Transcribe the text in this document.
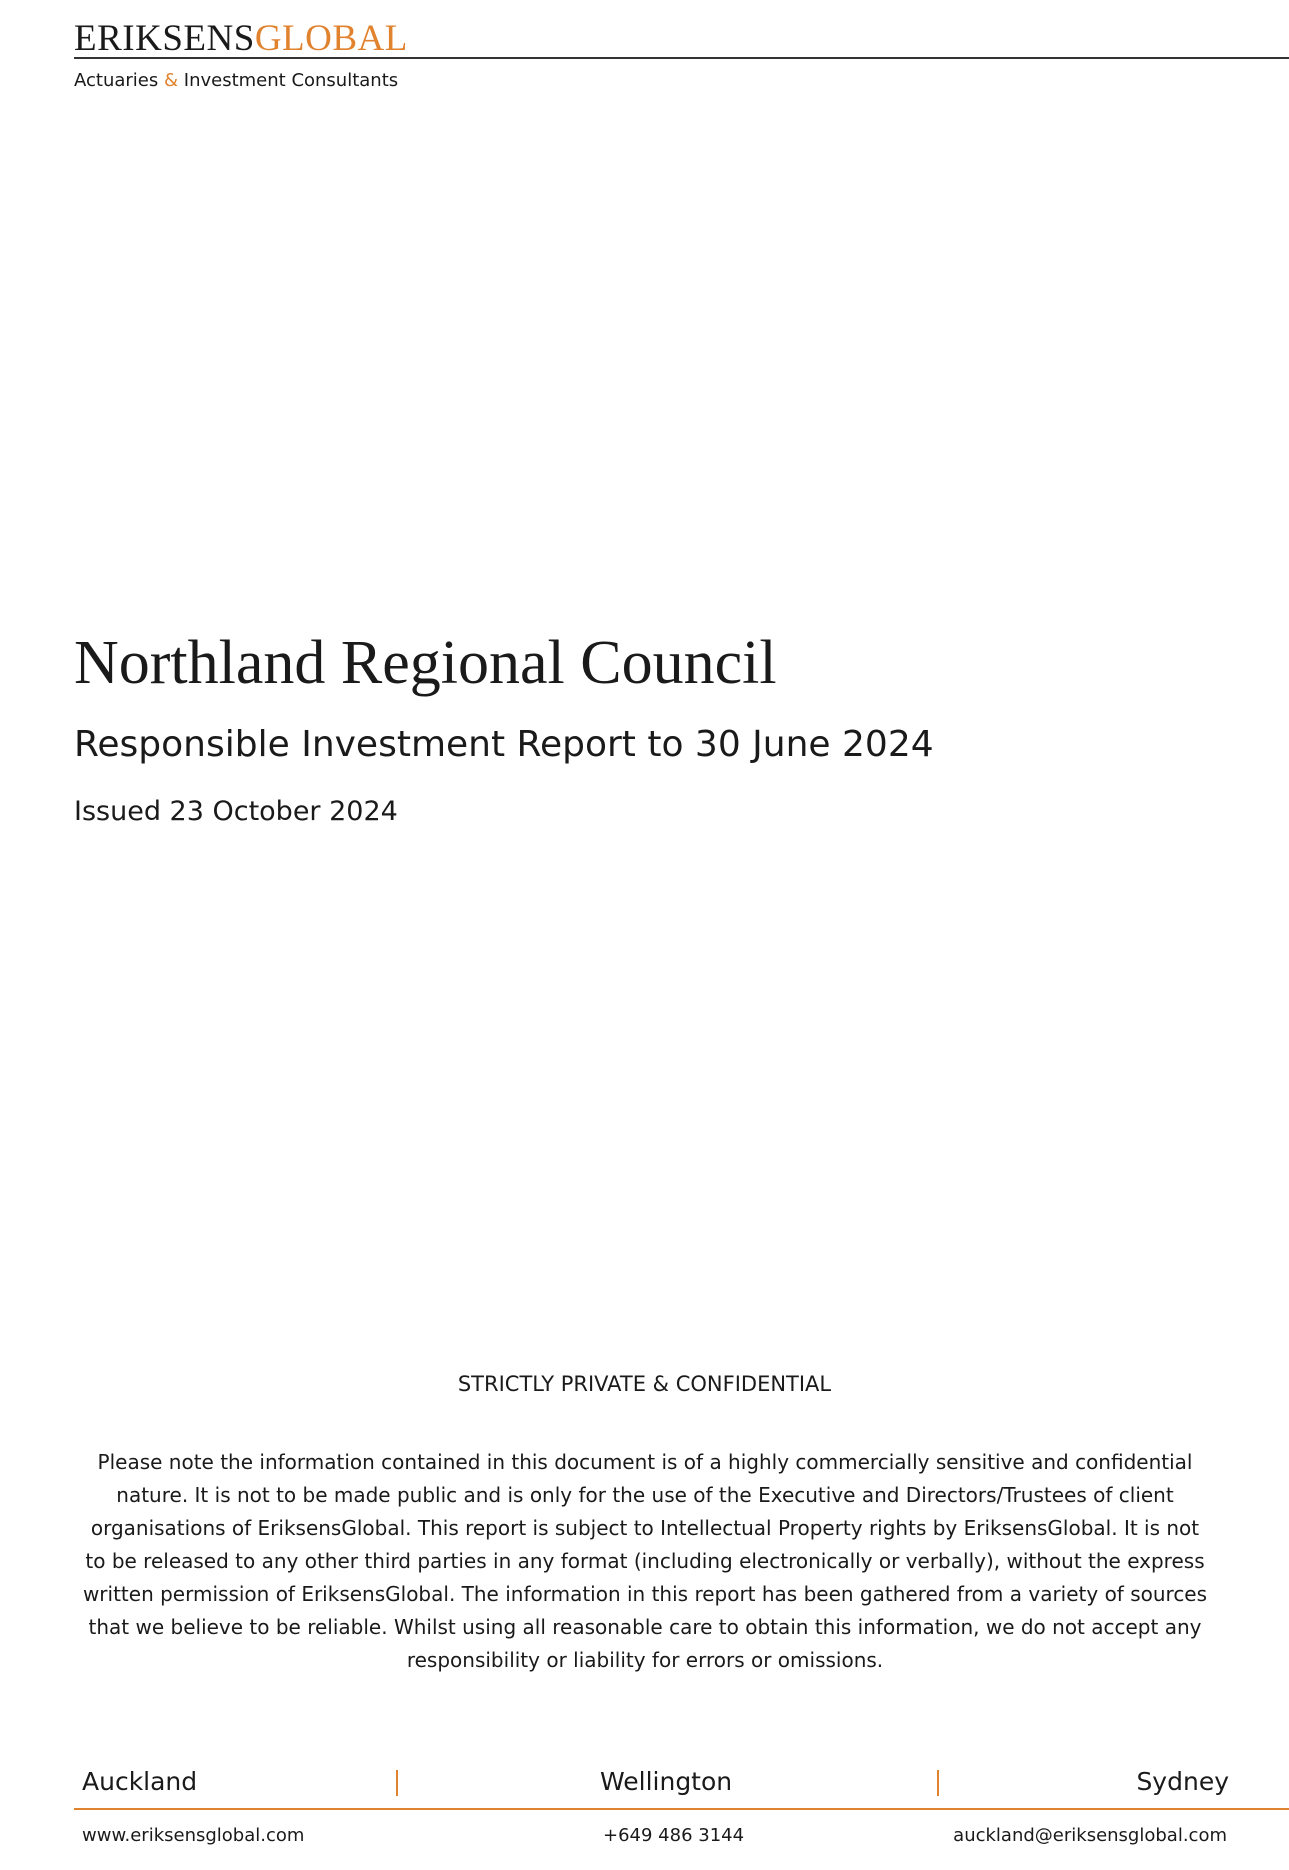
ERIKSENSGLOBAL
Actuaries & Investment Consultants
Northland Regional Council
Responsible Investment Report to 30 June 2024
Issued 23 October 2024
STRICTLY PRIVATE & CONFIDENTIAL

Please note the information contained in this document is of a highly commercially sensitive and confidential nature. It is not to be made public and is only for the use of the Executive and Directors/Trustees of client organisations of EriksensGlobal. This report is subject to Intellectual Property rights by EriksensGlobal. It is not to be released to any other third parties in any format (including electronically or verbally), without the express written permission of EriksensGlobal. The information in this report has been gathered from a variety of sources that we believe to be reliable. Whilst using all reasonable care to obtain this information, we do not accept any responsibility or liability for errors or omissions.

Auckland	Wellington	Sydney
www.eriksensglobal.com	+649 486 3144	auckland@eriksensglobal.com
